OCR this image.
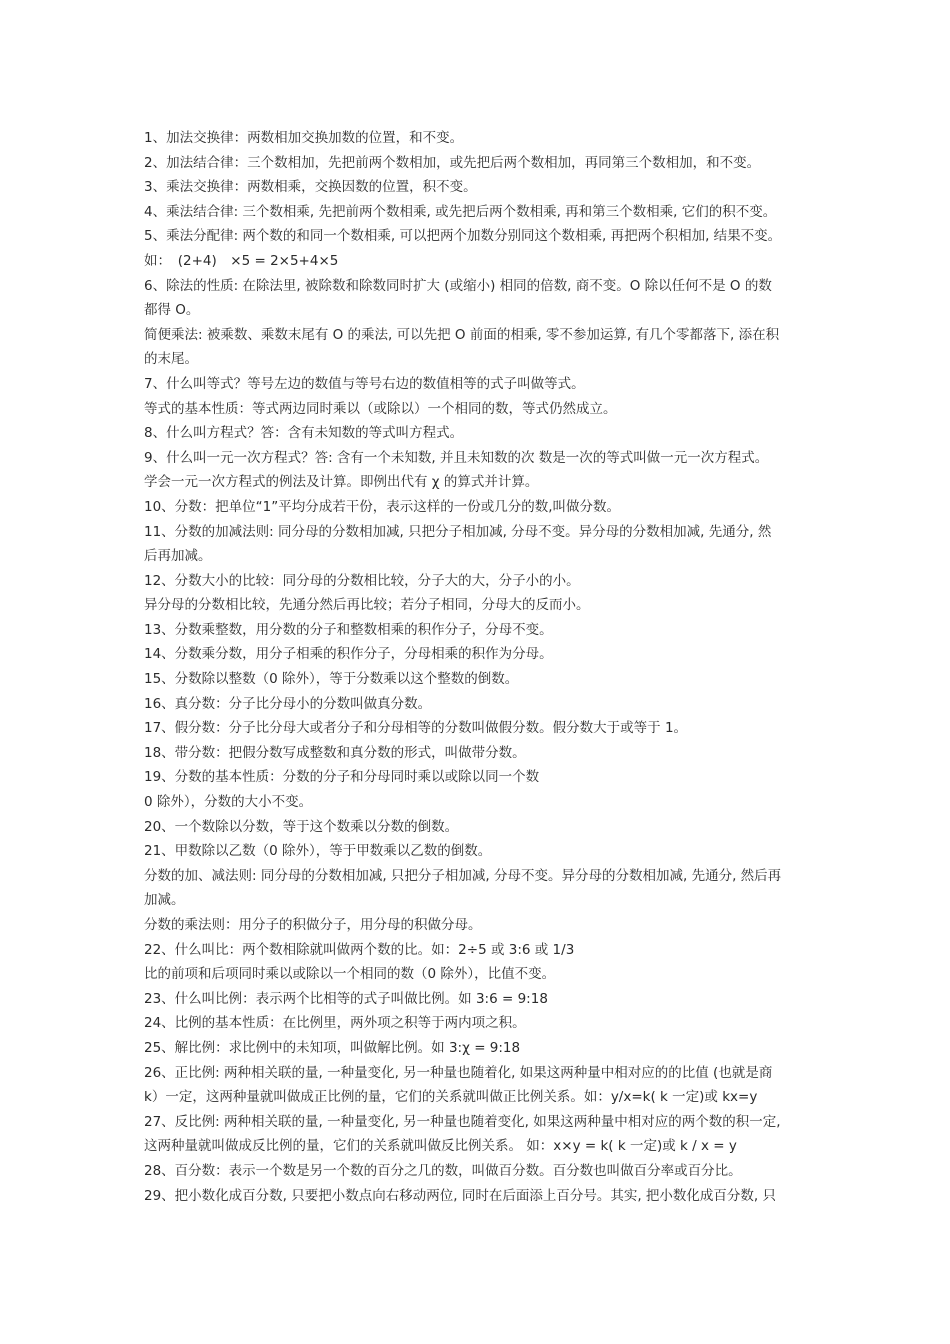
1、加法交换律：两数相加交换加数的位置，和不变。

2、加法结合律：三个数相加，先把前两个数相加，或先把后两个数相加，再同第三个数相加，和不变。

3、乘法交换律：两数相乘，交换因数的位置，积不变。

4、乘法结合律: 三个数相乘, 先把前两个数相乘, 或先把后两个数相乘, 再和第三个数相乘, 它们的积不变。

5、乘法分配律: 两个数的和同一个数相乘, 可以把两个加数分别同这个数相乘, 再把两个积相加, 结果不变。

如：　(2+4)　×5 = 2×5+4×5

6、除法的性质: 在除法里, 被除数和除数同时扩大 (或缩小) 相同的倍数, 商不变。O 除以任何不是 O 的数

都得 O。

简便乘法: 被乘数、乘数末尾有 O 的乘法, 可以先把 O 前面的相乘, 零不参加运算, 有几个零都落下, 添在积

的末尾。

7、什么叫等式？等号左边的数值与等号右边的数值相等的式子叫做等式。

等式的基本性质：等式两边同时乘以（或除以）一个相同的数，等式仍然成立。

8、什么叫方程式？答：含有未知数的等式叫方程式。

9、什么叫一元一次方程式？答: 含有一个未知数, 并且未知数的次 数是一次的等式叫做一元一次方程式。

学会一元一次方程式的例法及计算。即例出代有 χ 的算式并计算。

10、分数：把单位“1”平均分成若干份，表示这样的一份或几分的数,叫做分数。

11、分数的加减法则: 同分母的分数相加减, 只把分子相加减, 分母不变。异分母的分数相加减, 先通分, 然

后再加减。

12、分数大小的比较：同分母的分数相比较，分子大的大，分子小的小。

异分母的分数相比较，先通分然后再比较；若分子相同，分母大的反而小。

13、分数乘整数，用分数的分子和整数相乘的积作分子，分母不变。

14、分数乘分数，用分子相乘的积作分子，分母相乘的积作为分母。

15、分数除以整数（0 除外），等于分数乘以这个整数的倒数。

16、真分数：分子比分母小的分数叫做真分数。

17、假分数：分子比分母大或者分子和分母相等的分数叫做假分数。假分数大于或等于 1。

18、带分数：把假分数写成整数和真分数的形式，叫做带分数。

19、分数的基本性质：分数的分子和分母同时乘以或除以同一个数

0 除外），分数的大小不变。

20、一个数除以分数，等于这个数乘以分数的倒数。

21、甲数除以乙数（0 除外），等于甲数乘以乙数的倒数。

分数的加、减法则: 同分母的分数相加减, 只把分子相加减, 分母不变。异分母的分数相加减, 先通分, 然后再

加减。

分数的乘法则：用分子的积做分子，用分母的积做分母。

22、什么叫比：两个数相除就叫做两个数的比。如：2÷5 或 3:6 或 1/3

比的前项和后项同时乘以或除以一个相同的数（0 除外），比值不变。

23、什么叫比例：表示两个比相等的式子叫做比例。如 3:6 = 9:18

24、比例的基本性质：在比例里，两外项之积等于两内项之积。

25、解比例：求比例中的未知项，叫做解比例。如 3:χ = 9:18

26、正比例: 两种相关联的量, 一种量变化, 另一种量也随着化, 如果这两种量中相对应的的比值 (也就是商

k）一定，这两种量就叫做成正比例的量，它们的关系就叫做正比例关系。如：y/x=k( k 一定)或 kx=y

27、反比例: 两种相关联的量, 一种量变化, 另一种量也随着变化, 如果这两种量中相对应的两个数的积一定,

这两种量就叫做成反比例的量，它们的关系就叫做反比例关系。 如：x×y = k( k 一定)或 k / x = y

28、百分数：表示一个数是另一个数的百分之几的数，叫做百分数。百分数也叫做百分率或百分比。

29、把小数化成百分数, 只要把小数点向右移动两位, 同时在后面添上百分号。其实, 把小数化成百分数, 只
